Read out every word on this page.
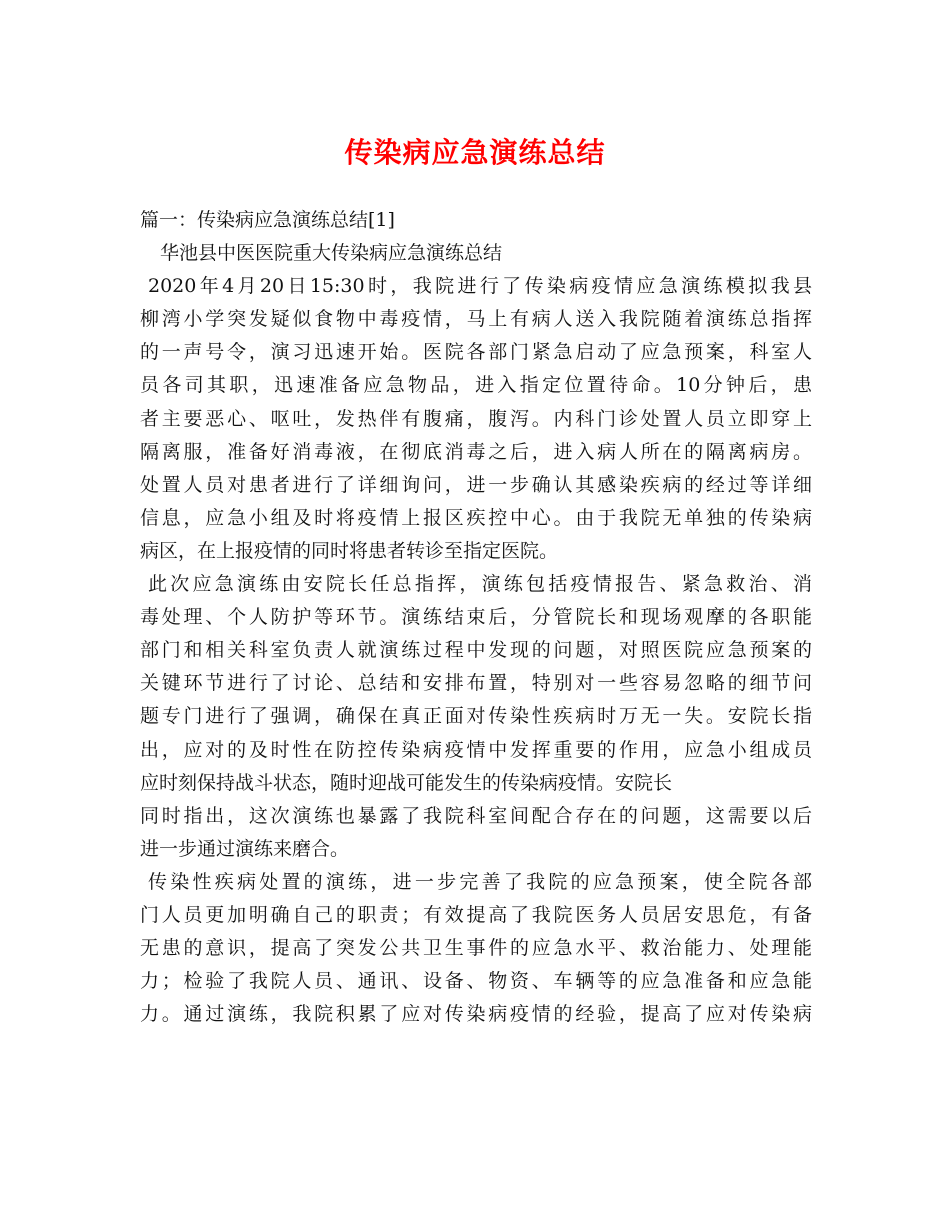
传染病应急演练总结
篇一：传染病应急演练总结[1]
华池县中医医院重大传染病应急演练总结
2020年4月20日15:30时，我院进行了传染病疫情应急演练模拟我县
柳湾小学突发疑似食物中毒疫情，马上有病人送入我院随着演练总指挥
的一声号令，演习迅速开始。医院各部门紧急启动了应急预案，科室人
员各司其职，迅速准备应急物品，进入指定位置待命。10分钟后，患
者主要恶心、呕吐，发热伴有腹痛，腹泻。内科门诊处置人员立即穿上
隔离服，准备好消毒液，在彻底消毒之后，进入病人所在的隔离病房。
处置人员对患者进行了详细询问，进一步确认其感染疾病的经过等详细
信息，应急小组及时将疫情上报区疾控中心。由于我院无单独的传染病
病区，在上报疫情的同时将患者转诊至指定医院。
此次应急演练由安院长任总指挥，演练包括疫情报告、紧急救治、消
毒处理、个人防护等环节。演练结束后，分管院长和现场观摩的各职能
部门和相关科室负责人就演练过程中发现的问题，对照医院应急预案的
关键环节进行了讨论、总结和安排布置，特别对一些容易忽略的细节问
题专门进行了强调，确保在真正面对传染性疾病时万无一失。安院长指
出，应对的及时性在防控传染病疫情中发挥重要的作用，应急小组成员
应时刻保持战斗状态，随时迎战可能发生的传染病疫情。安院长
同时指出，这次演练也暴露了我院科室间配合存在的问题，这需要以后
进一步通过演练来磨合。
传染性疾病处置的演练，进一步完善了我院的应急预案，使全院各部
门人员更加明确自己的职责；有效提高了我院医务人员居安思危，有备
无患的意识，提高了突发公共卫生事件的应急水平、救治能力、处理能
力；检验了我院人员、通讯、设备、物资、车辆等的应急准备和应急能
力。通过演练，我院积累了应对传染病疫情的经验，提高了应对传染病
